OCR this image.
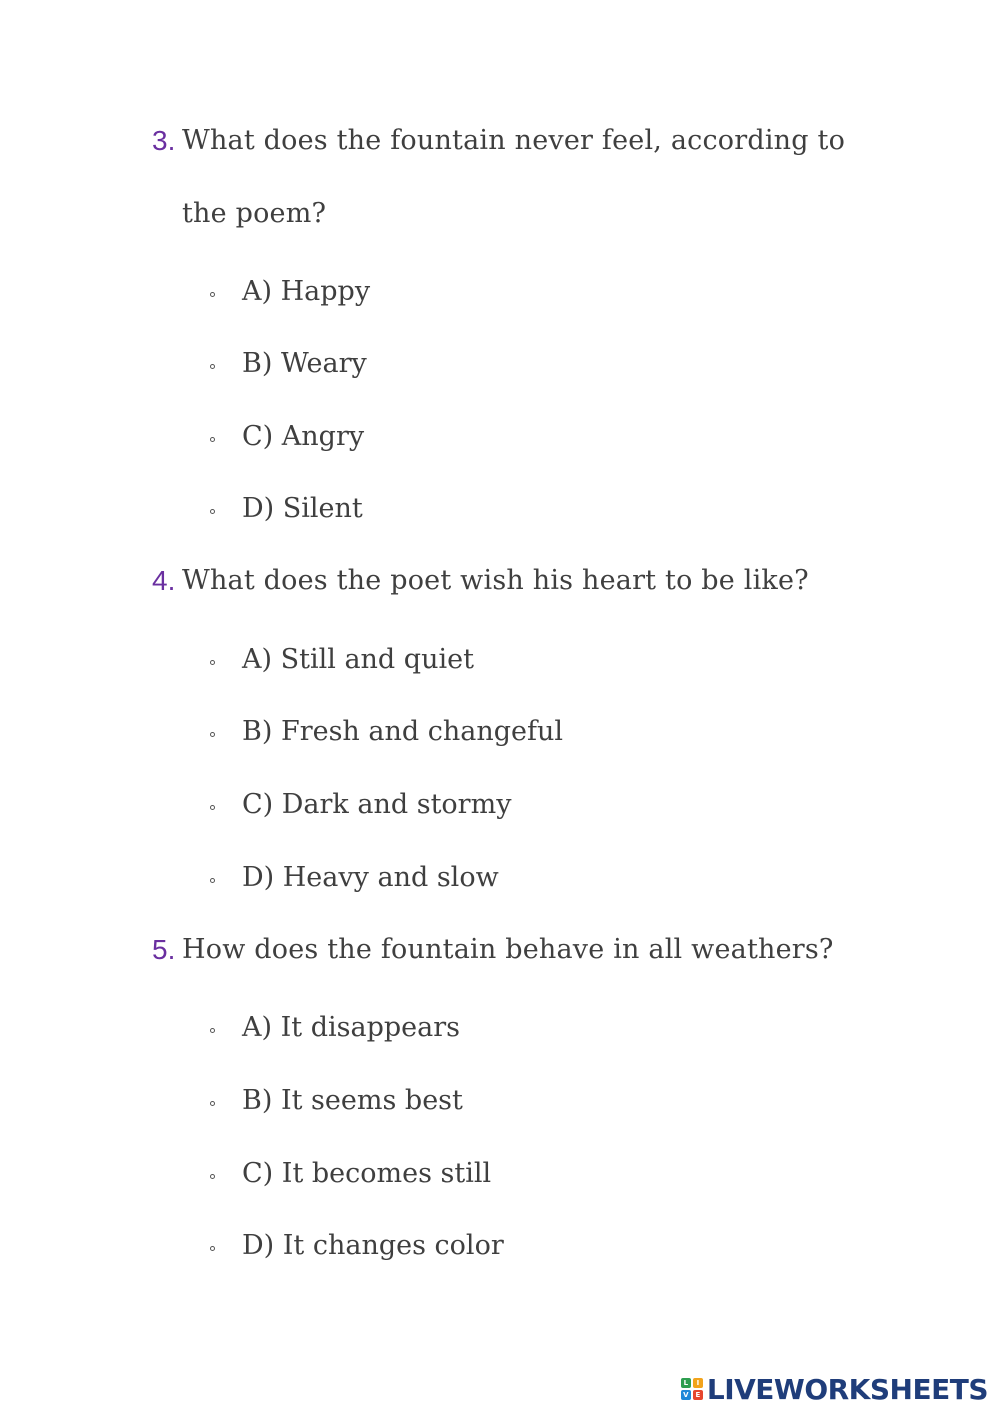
3. What does the fountain never feel, according to the poem?
A) Happy
B) Weary
C) Angry
D) Silent
4. What does the poet wish his heart to be like?
A) Still and quiet
B) Fresh and changeful
C) Dark and stormy
D) Heavy and slow
5. How does the fountain behave in all weathers?
A) It disappears
B) It seems best
C) It becomes still
D) It changes color
L	I
V E LIVEWORKSHEETS
